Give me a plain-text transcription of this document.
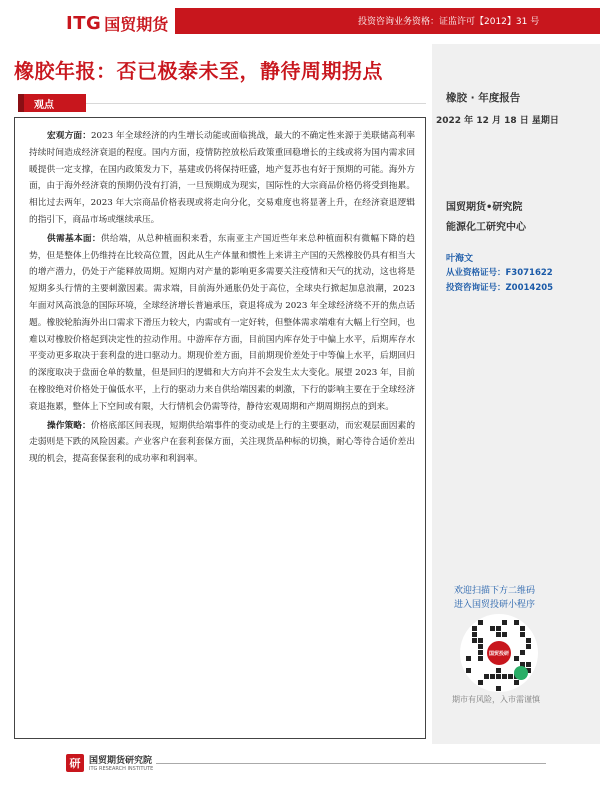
ITG 国贸期货	投资咨询业务资格：证监许可【2012】31 号
橡胶年报：否已极泰未至，静待周期拐点
橡胶 · 年度报告
2022 年 12 月 18 日 星期日
国贸期货•研究院
能源化工研究中心
叶海文
从业资格证号：F3071622
投资咨询证号：Z0014205
欢迎扫描下方二维码
进入国贸投研小程序
国贸投研
期市有风险，入市需谨慎
观点

宏观方面：2023 年全球经济的内生增长动能或面临挑战，最大的不确定性来源于美联储高利率持续时间造成经济衰退的程度。国内方面，疫情防控放松后政策重回稳增长的主线或将为国内需求回暖提供一定支撑，在国内政策发力下，基建或仍将保持旺盛，地产复苏也有好于预期的可能。海外方面，由于海外经济衰的预期仍没有打消，一旦预期成为现实，国际性的大宗商品价格仍将受到拖累。相比过去两年，2023 年大宗商品价格表现或将走向分化，交易难度也将显著上升，在经济衰退逻辑的指引下，商品市场或继续承压。

供需基本面：供给端，从总种植面积来看，东南亚主产国近些年来总种植面积有微幅下降的趋势，但是整体上仍维持在比较高位置，因此从生产体量和惯性上来讲主产国的天然橡胶仍具有相当大的增产潜力，仍处于产能释放周期。短期内对产量的影响更多需要关注疫情和天气的扰动，这也将是短期多头行情的主要刺激因素。需求端，目前海外通胀仍处于高位，全球央行掀起加息浪潮，2023 年面对风高浪急的国际环境，全球经济增长普遍承压，衰退将成为 2023 年全球经济绕不开的焦点话题。橡胶轮胎海外出口需求下滑压力较大，内需或有一定好转，但整体需求端难有大幅上行空间，也难以对橡胶价格起到决定性的拉动作用。中游库存方面，目前国内库存处于中偏上水平，后期库存水平变动更多取决于套利盘的进口驱动力。期现价差方面，目前期现价差处于中等偏上水平，后期回归的深度取决于盘面仓单的数量，但是回归的逻辑和大方向并不会发生太大变化。展望 2023 年，目前在橡胶绝对价格处于偏低水平，上行的驱动力来自供给端因素的刺激，下行的影响主要在于全球经济衰退拖累，整体上下空间或有限，大行情机会仍需等待，静待宏观周期和产期周期拐点的到来。

操作策略：价格底部区间表现，短期供给端事件的变动或是上行的主要驱动，而宏观层面因素的走弱则是下跌的风险因素。产业客户在套利套保方面，关注现货品种标的切换，耐心等待合适价差出现的机会，提高套保套利的成功率和利润率。

研 国贸期货研究院
ITG RESEARCH INSTITUTE
